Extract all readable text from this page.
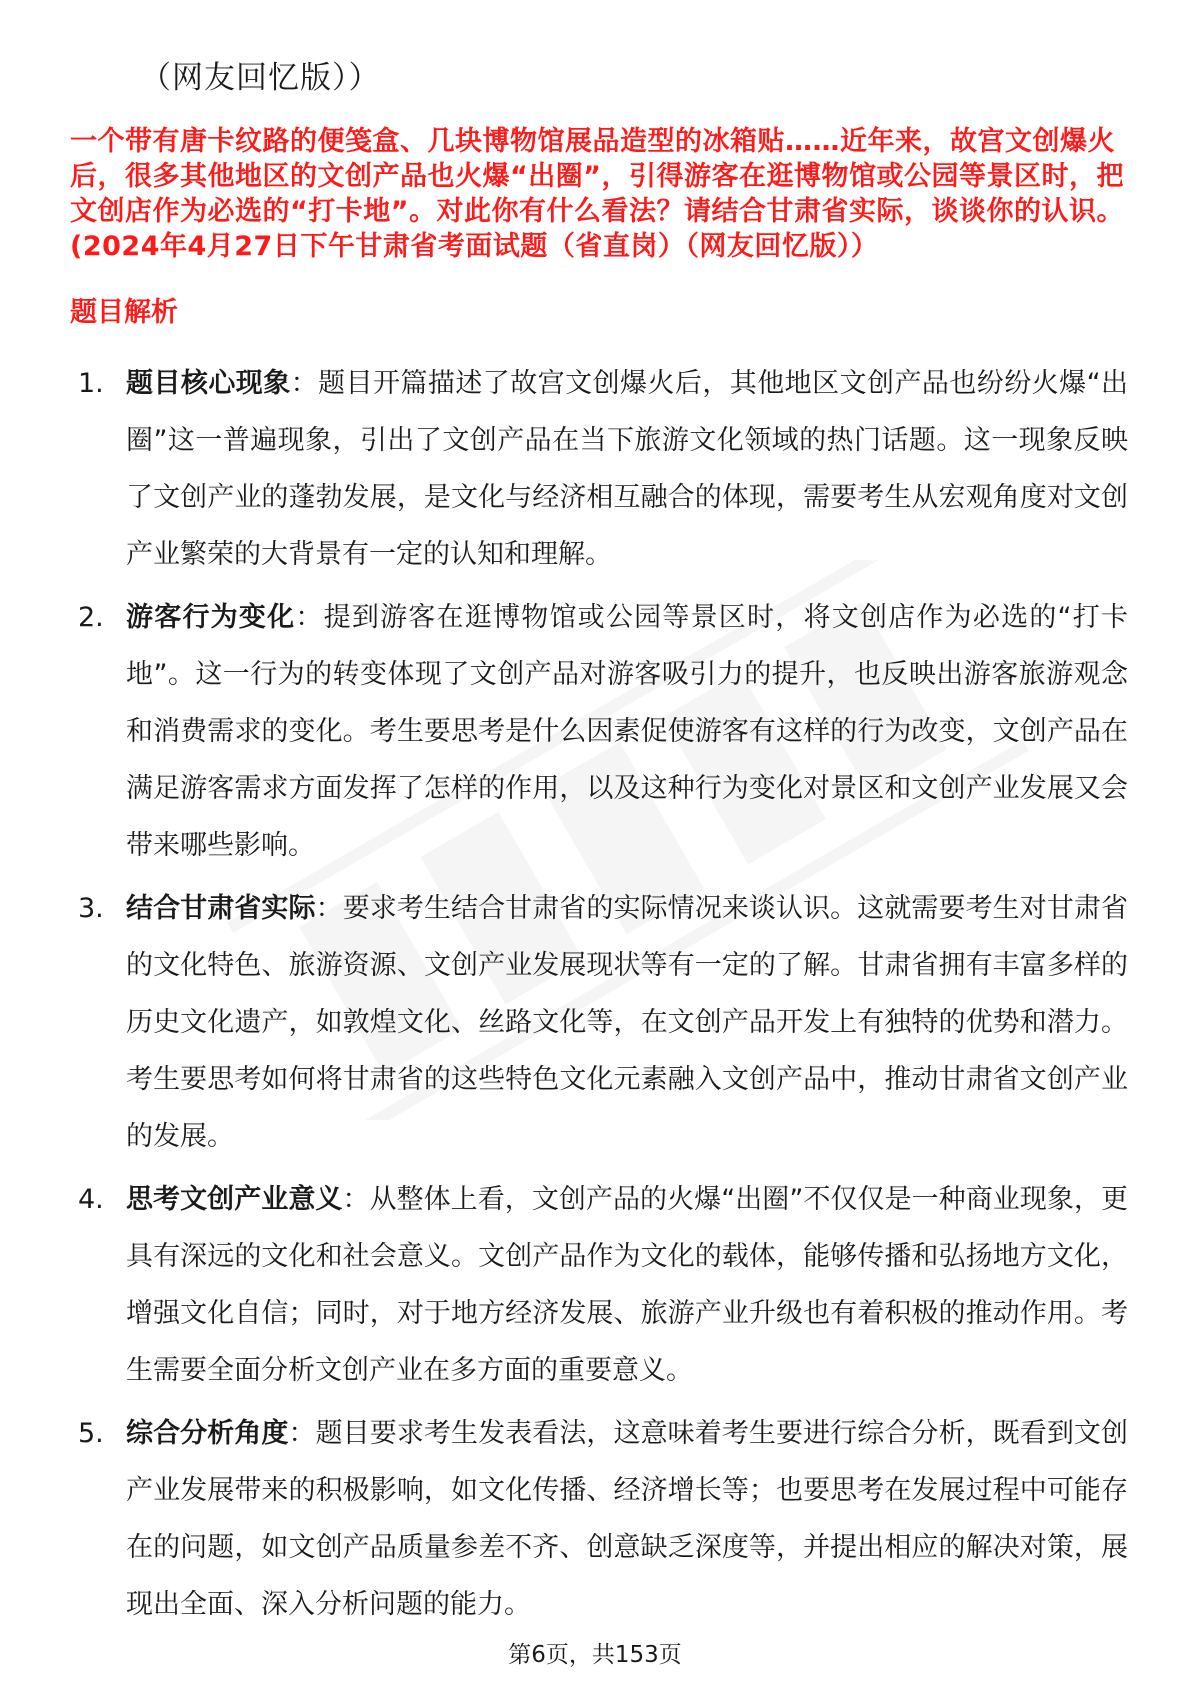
（网友回忆版））
一个带有唐卡纹路的便笺盒、几块博物馆展品造型的冰箱贴……近年来，故宫文创爆火后，很多其他地区的文创产品也火爆“出圈”，引得游客在逛博物馆或公园等景区时，把文创店作为必选的“打卡地”。对此你有什么看法？请结合甘肃省实际，谈谈你的认识。(2024年4月27日下午甘肃省考面试题（省直岗）（网友回忆版））
题目解析
1. 题目核心现象：题目开篇描述了故宫文创爆火后，其他地区文创产品也纷纷火爆“出圈”这一普遍现象，引出了文创产品在当下旅游文化领域的热门话题。这一现象反映了文创产业的蓬勃发展，是文化与经济相互融合的体现，需要考生从宏观角度对文创产业繁荣的大背景有一定的认知和理解。
2. 游客行为变化：提到游客在逛博物馆或公园等景区时，将文创店作为必选的“打卡地”。这一行为的转变体现了文创产品对游客吸引力的提升，也反映出游客旅游观念和消费需求的变化。考生要思考是什么因素促使游客有这样的行为改变，文创产品在满足游客需求方面发挥了怎样的作用，以及这种行为变化对景区和文创产业发展又会带来哪些影响。
3. 结合甘肃省实际：要求考生结合甘肃省的实际情况来谈认识。这就需要考生对甘肃省的文化特色、旅游资源、文创产业发展现状等有一定的了解。甘肃省拥有丰富多样的历史文化遗产，如敦煌文化、丝路文化等，在文创产品开发上有独特的优势和潜力。考生要思考如何将甘肃省的这些特色文化元素融入文创产品中，推动甘肃省文创产业的发展。
4. 思考文创产业意义：从整体上看，文创产品的火爆“出圈”不仅仅是一种商业现象，更具有深远的文化和社会意义。文创产品作为文化的载体，能够传播和弘扬地方文化，增强文化自信；同时，对于地方经济发展、旅游产业升级也有着积极的推动作用。考生需要全面分析文创产业在多方面的重要意义。
5. 综合分析角度：题目要求考生发表看法，这意味着考生要进行综合分析，既看到文创产业发展带来的积极影响，如文化传播、经济增长等；也要思考在发展过程中可能存在的问题，如文创产品质量参差不齐、创意缺乏深度等，并提出相应的解决对策，展现出全面、深入分析问题的能力。
第6页，共153页
